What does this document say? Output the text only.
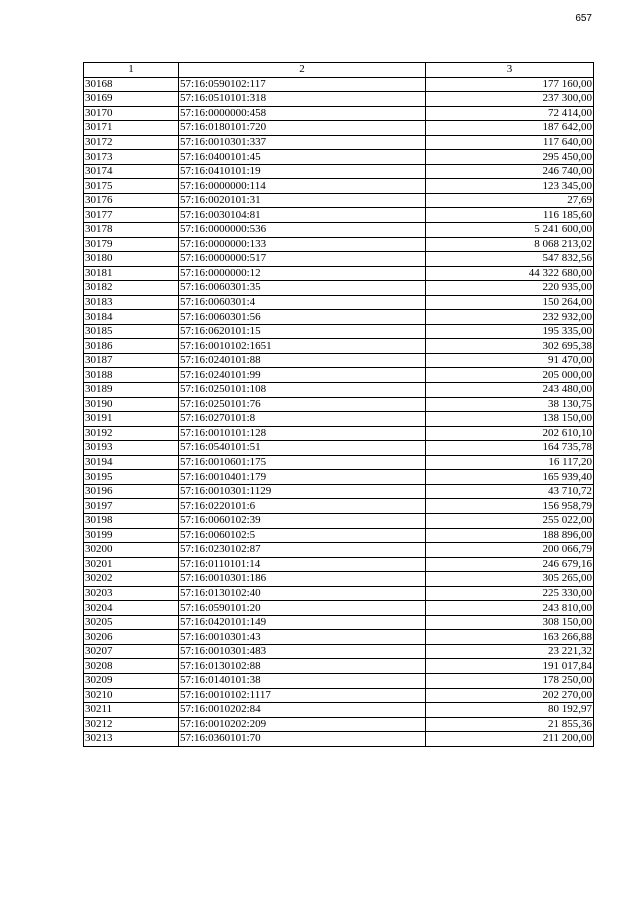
657
1	2	3
30168	57:16:0590102:117	177 160,00
30169	57:16:0510101:318	237 300,00
30170	57:16:0000000:458	72 414,00
30171	57:16:0180101:720	187 642,00
30172	57:16:0010301:337	117 640,00
30173	57:16:0400101:45	295 450,00
30174	57:16:0410101:19	246 740,00
30175	57:16:0000000:114	123 345,00
30176	57:16:0020101:31	27,69
30177	57:16:0030104:81	116 185,60
30178	57:16:0000000:536	5 241 600,00
30179	57:16:0000000:133	8 068 213,02
30180	57:16:0000000:517	547 832,56
30181	57:16:0000000:12	44 322 680,00
30182	57:16:0060301:35	220 935,00
30183	57:16:0060301:4	150 264,00
30184	57:16:0060301:56	232 932,00
30185	57:16:0620101:15	195 335,00
30186	57:16:0010102:1651	302 695,38
30187	57:16:0240101:88	91 470,00
30188	57:16:0240101:99	205 000,00
30189	57:16:0250101:108	243 480,00
30190	57:16:0250101:76	38 130,75
30191	57:16:0270101:8	138 150,00
30192	57:16:0010101:128	202 610,10
30193	57:16:0540101:51	164 735,78
30194	57:16:0010601:175	16 117,20
30195	57:16:0010401:179	165 939,40
30196	57:16:0010301:1129	43 710,72
30197	57:16:0220101:6	156 958,79
30198	57:16:0060102:39	255 022,00
30199	57:16:0060102:5	188 896,00
30200	57:16:0230102:87	200 066,79
30201	57:16:0110101:14	246 679,16
30202	57:16:0010301:186	305 265,00
30203	57:16:0130102:40	225 330,00
30204	57:16:0590101:20	243 810,00
30205	57:16:0420101:149	308 150,00
30206	57:16:0010301:43	163 266,88
30207	57:16:0010301:483	23 221,32
30208	57:16:0130102:88	191 017,84
30209	57:16:0140101:38	178 250,00
30210	57:16:0010102:1117	202 270,00
30211	57:16:0010202:84	80 192,97
30212	57:16:0010202:209	21 855,36
30213	57:16:0360101:70	211 200,00
